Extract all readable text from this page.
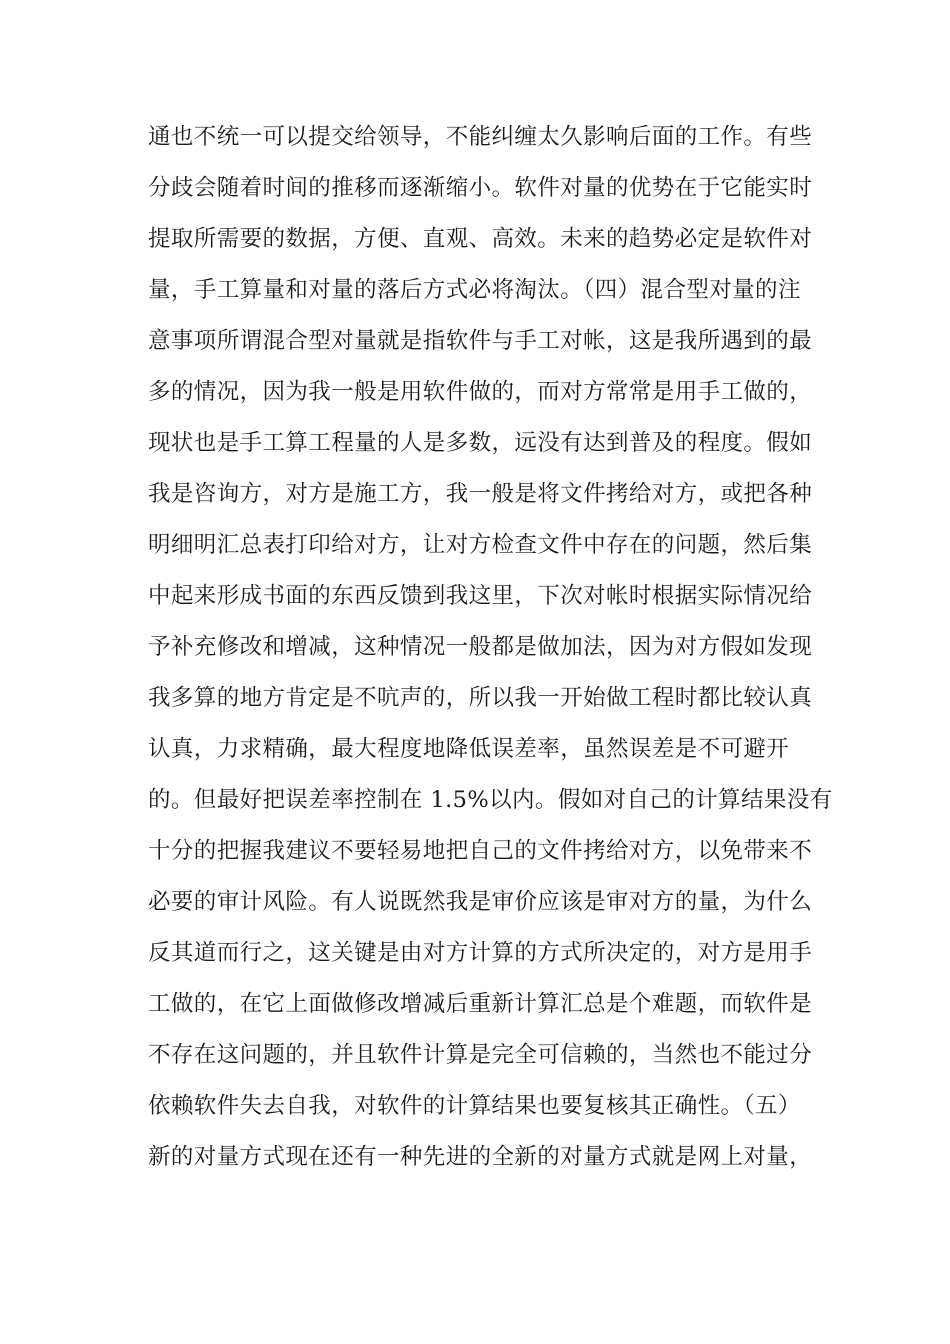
通也不统一可以提交给领导，不能纠缠太久影响后面的工作。有些
分歧会随着时间的推移而逐渐缩小。软件对量的优势在于它能实时
提取所需要的数据，方便、直观、高效。未来的趋势必定是软件对
量，手工算量和对量的落后方式必将淘汰。（四）混合型对量的注
意事项所谓混合型对量就是指软件与手工对帐，这是我所遇到的最
多的情况，因为我一般是用软件做的，而对方常常是用手工做的，
现状也是手工算工程量的人是多数，远没有达到普及的程度。假如
我是咨询方，对方是施工方，我一般是将文件拷给对方，或把各种
明细明汇总表打印给对方，让对方检查文件中存在的问题，然后集
中起来形成书面的东西反馈到我这里，下次对帐时根据实际情况给
予补充修改和增减，这种情况一般都是做加法，因为对方假如发现
我多算的地方肯定是不吭声的，所以我一开始做工程时都比较认真
认真，力求精确，最大程度地降低误差率，虽然误差是不可避开
的。但最好把误差率控制在 1.5%以内。假如对自己的计算结果没有
十分的把握我建议不要轻易地把自己的文件拷给对方，以免带来不
必要的审计风险。有人说既然我是审价应该是审对方的量，为什么
反其道而行之，这关键是由对方计算的方式所决定的，对方是用手
工做的，在它上面做修改增减后重新计算汇总是个难题，而软件是
不存在这问题的，并且软件计算是完全可信赖的，当然也不能过分
依赖软件失去自我，对软件的计算结果也要复核其正确性。（五）
新的对量方式现在还有一种先进的全新的对量方式就是网上对量，
